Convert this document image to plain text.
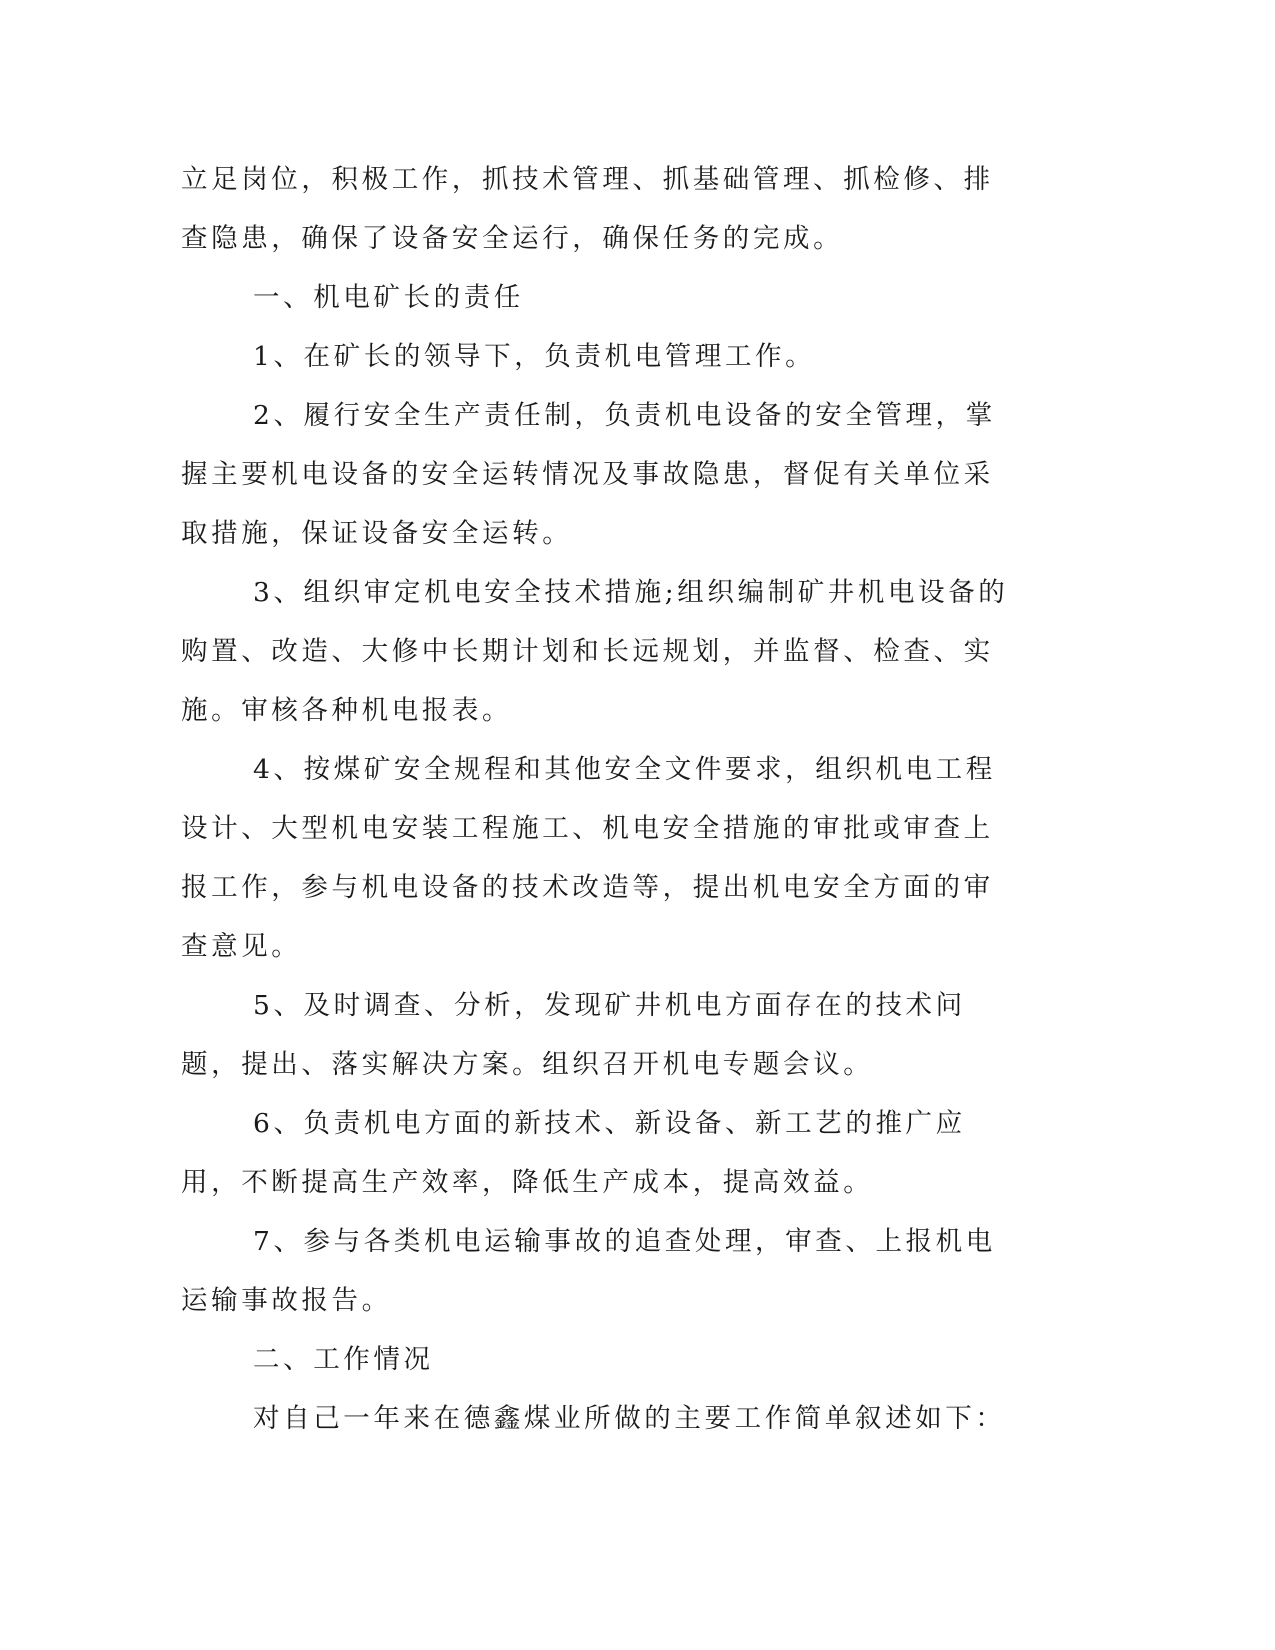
立足岗位，积极工作，抓技术管理、抓基础管理、抓检修、排查隐患，确保了设备安全运行，确保任务的完成。

一、机电矿长的责任

1、在矿长的领导下，负责机电管理工作。

2、履行安全生产责任制，负责机电设备的安全管理，掌握主要机电设备的安全运转情况及事故隐患，督促有关单位采取措施，保证设备安全运转。

3、组织审定机电安全技术措施;组织编制矿井机电设备的购置、改造、大修中长期计划和长远规划，并监督、检查、实施。审核各种机电报表。

4、按煤矿安全规程和其他安全文件要求，组织机电工程设计、大型机电安装工程施工、机电安全措施的审批或审查上报工作，参与机电设备的技术改造等，提出机电安全方面的审查意见。

5、及时调查、分析，发现矿井机电方面存在的技术问题，提出、落实解决方案。组织召开机电专题会议。

6、负责机电方面的新技术、新设备、新工艺的推广应用，不断提高生产效率，降低生产成本，提高效益。

7、参与各类机电运输事故的追查处理，审查、上报机电运输事故报告。

二、工作情况

对自己一年来在德鑫煤业所做的主要工作简单叙述如下：
